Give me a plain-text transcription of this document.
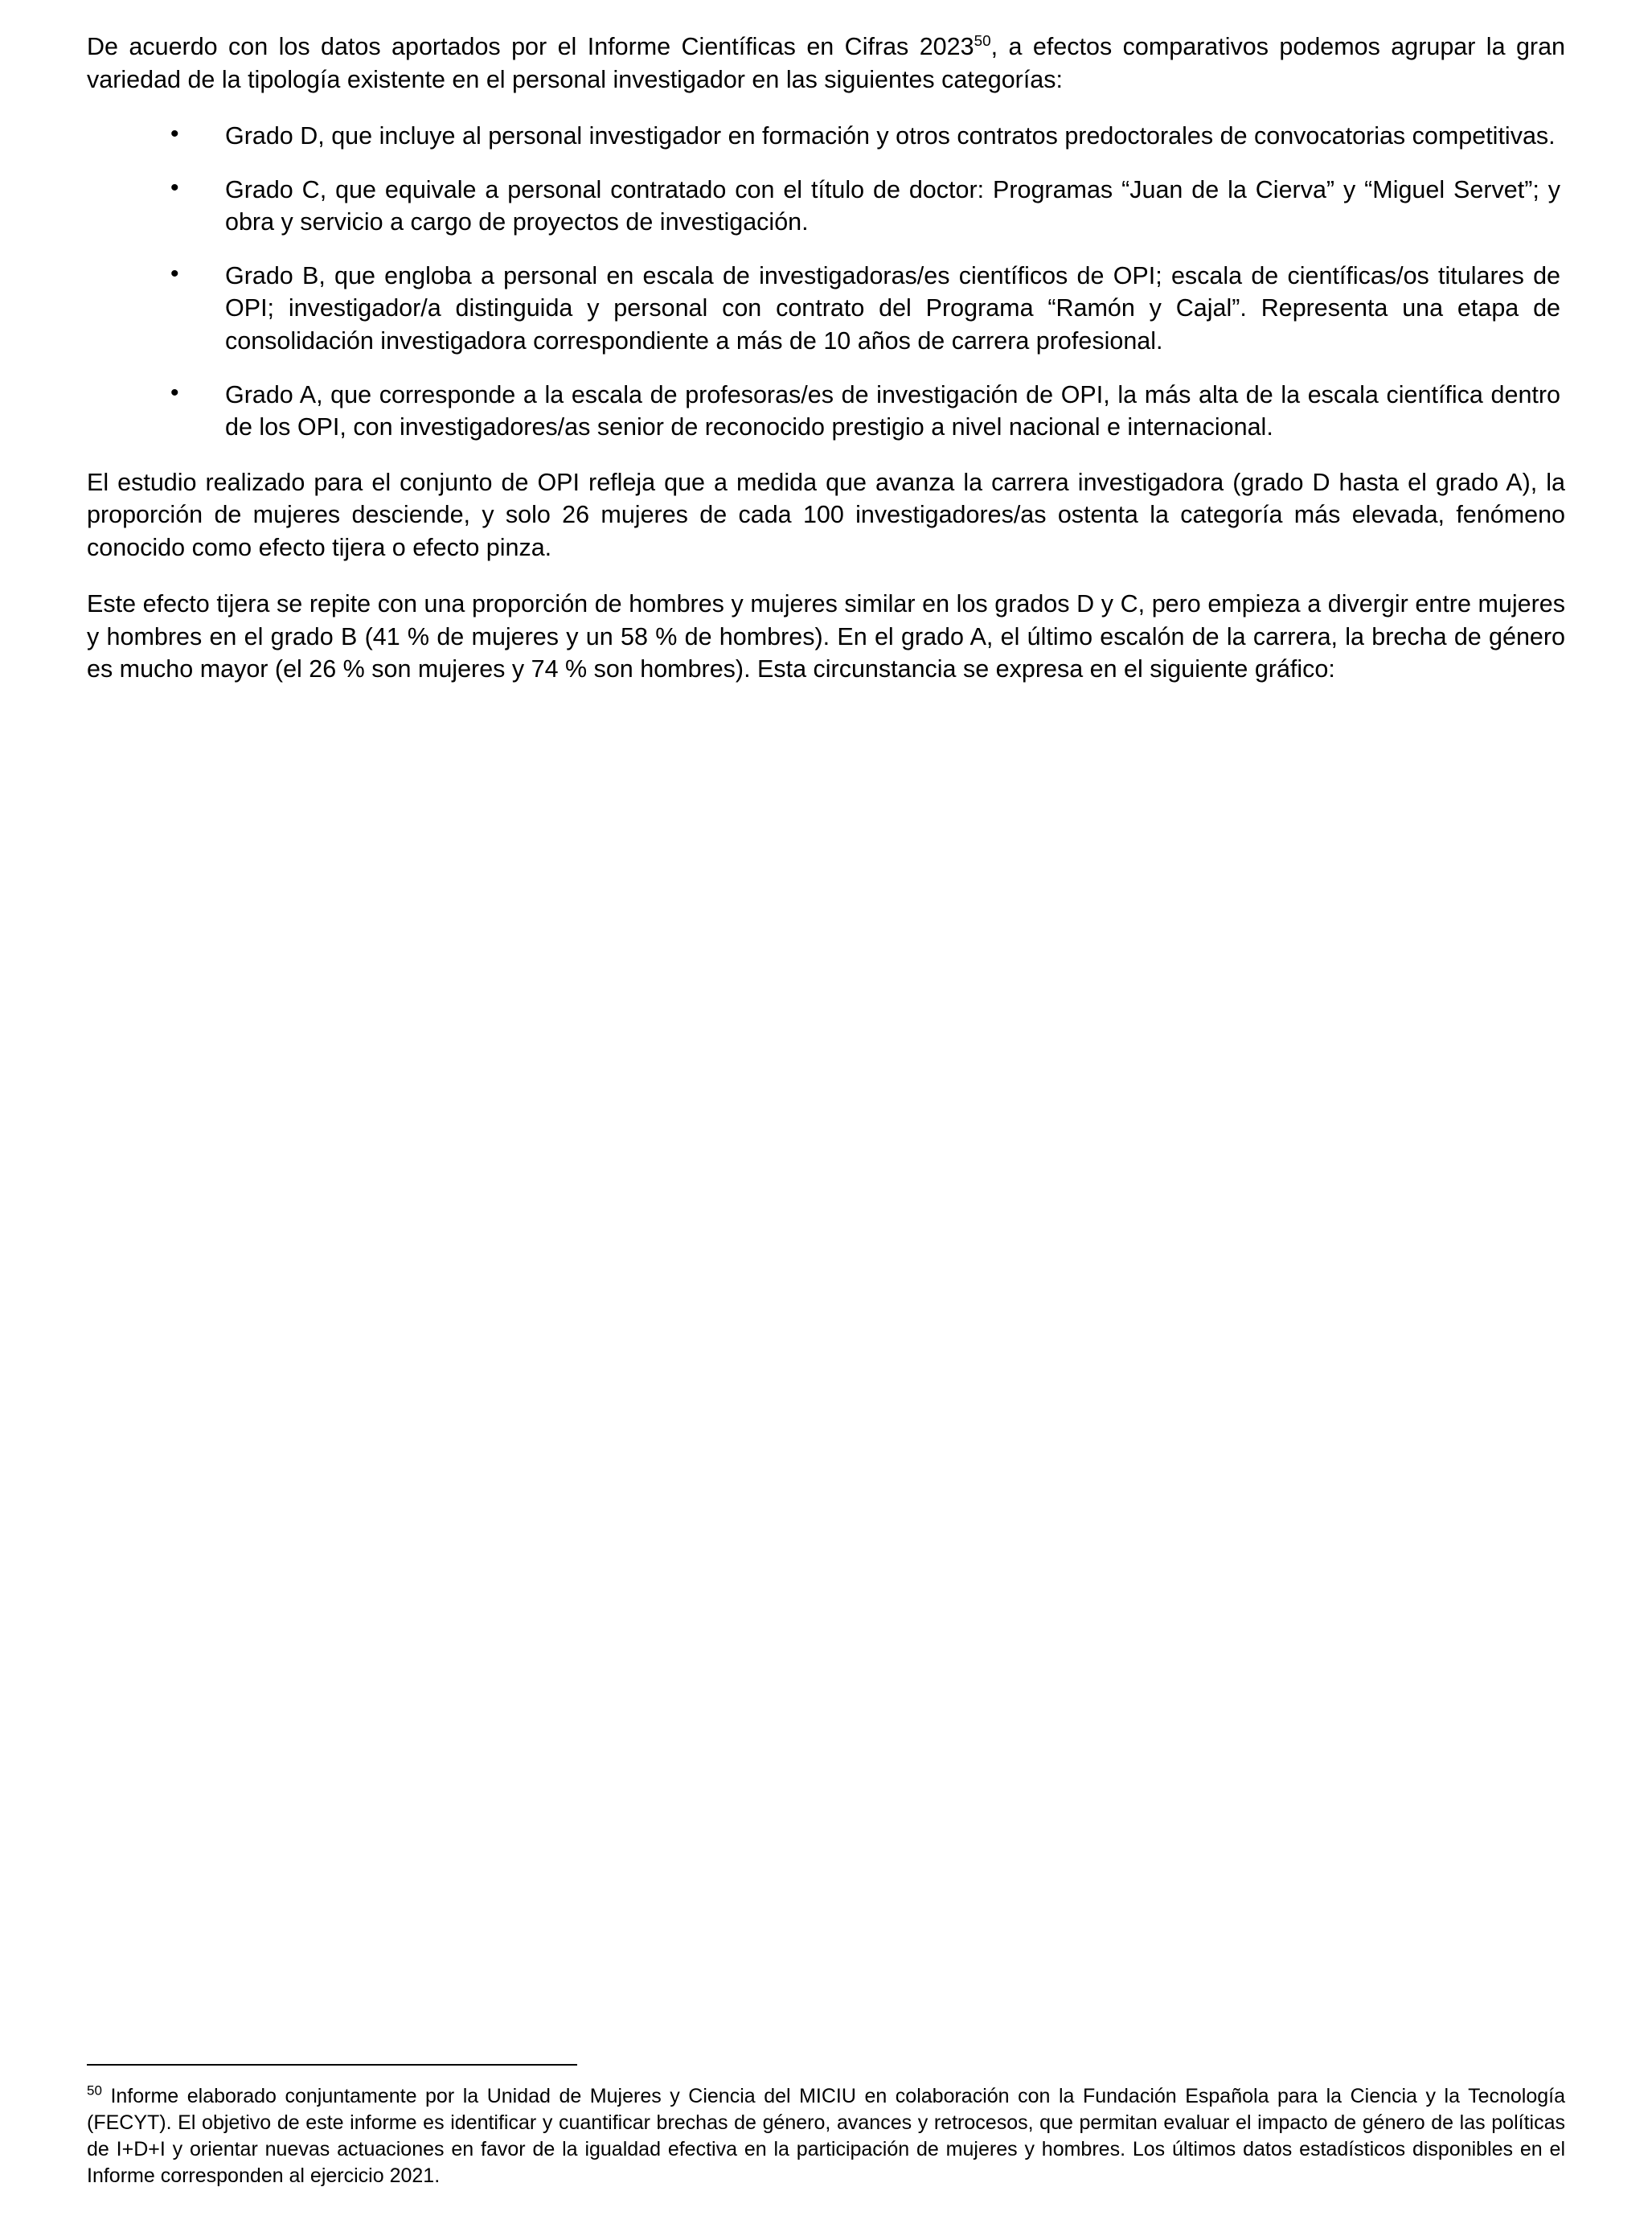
De acuerdo con los datos aportados por el Informe Científicas en Cifras 2023$^{50}$, a efectos comparativos podemos agrupar la gran variedad de la tipología existente en el personal investigador en las siguientes categorías:

• Grado D, que incluye al personal investigador en formación y otros contratos predoctorales de convocatorias competitivas.
• Grado C, que equivale a personal contratado con el título de doctor: Programas “Juan de la Cierva” y “Miguel Servet”; y obra y servicio a cargo de proyectos de investigación.
• Grado B, que engloba a personal en escala de investigadoras/es científicos de OPI; escala de científicas/os titulares de OPI; investigador/a distinguida y personal con contrato del Programa “Ramón y Cajal”. Representa una etapa de consolidación investigadora correspondiente a más de 10 años de carrera profesional.
• Grado A, que corresponde a la escala de profesoras/es de investigación de OPI, la más alta de la escala científica dentro de los OPI, con investigadores/as senior de reconocido prestigio a nivel nacional e internacional.

El estudio realizado para el conjunto de OPI refleja que a medida que avanza la carrera investigadora (grado D hasta el grado A), la proporción de mujeres desciende, y solo 26 mujeres de cada 100 investigadores/as ostenta la categoría más elevada, fenómeno conocido como efecto tijera o efecto pinza.

Este efecto tijera se repite con una proporción de hombres y mujeres similar en los grados D y C, pero empieza a divergir entre mujeres y hombres en el grado B (41 % de mujeres y un 58 % de hombres). En el grado A, el último escalón de la carrera, la brecha de género es mucho mayor (el 26 % son mujeres y 74 % son hombres). Esta circunstancia se expresa en el siguiente gráfico:

$^{50}$ Informe elaborado conjuntamente por la Unidad de Mujeres y Ciencia del MICIU en colaboración con la Fundación Española para la Ciencia y la Tecnología (FECYT). El objetivo de este informe es identificar y cuantificar brechas de género, avances y retrocesos, que permitan evaluar el impacto de género de las políticas de I+D+I y orientar nuevas actuaciones en favor de la igualdad efectiva en la participación de mujeres y hombres. Los últimos datos estadísticos disponibles en el Informe corresponden al ejercicio 2021.
